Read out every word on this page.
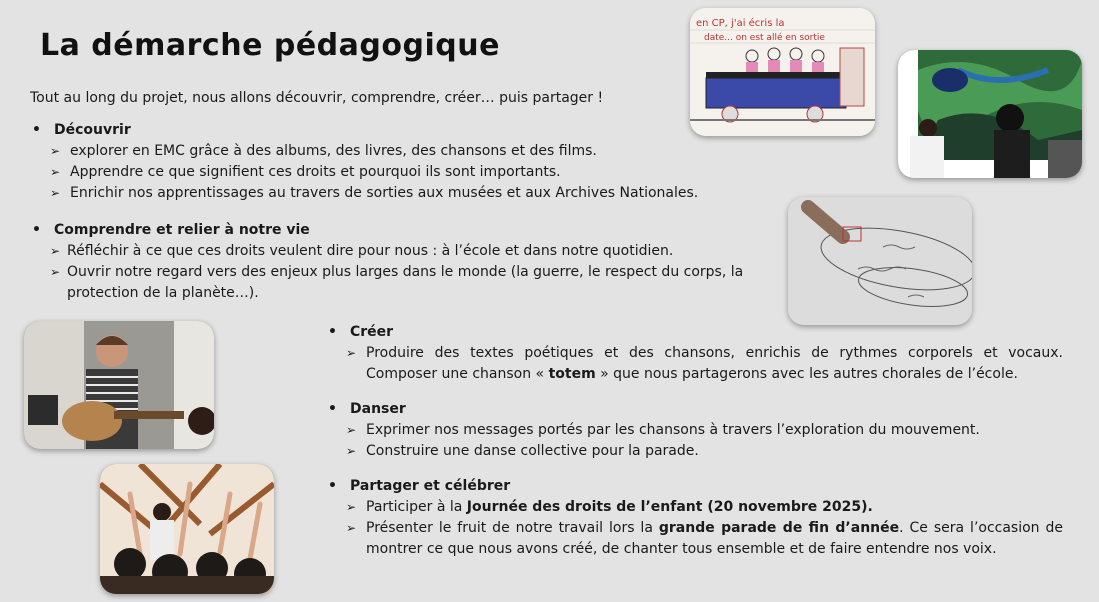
La démarche pédagogique
Tout au long du projet, nous allons découvrir, comprendre, créer… puis partager !
• Découvrir
➢ explorer en EMC grâce à des albums, des livres, des chansons et des films.
➢ Apprendre ce que signifient ces droits et pourquoi ils sont importants.
➢ Enrichir nos apprentissages au travers de sorties aux musées et aux Archives Nationales.
• Comprendre et relier à notre vie
➢ Réfléchir à ce que ces droits veulent dire pour nous : à l’école et dans notre quotidien.
➢ Ouvrir notre regard vers des enjeux plus larges dans le monde (la guerre, le respect du corps, la protection de la planète…).
• Créer
➢ Produire des textes poétiques et des chansons, enrichis de rythmes corporels et vocaux. Composer une chanson « totem » que nous partagerons avec les autres chorales de l’école.
• Danser
➢ Exprimer nos messages portés par les chansons à travers l’exploration du mouvement.
➢ Construire une danse collective pour la parade.
• Partager et célébrer
➢ Participer à la Journée des droits de l’enfant (20 novembre 2025).
➢ Présenter le fruit de notre travail lors la grande parade de fin d’année. Ce sera l’occasion de montrer ce que nous avons créé, de chanter tous ensemble et de faire entendre nos voix.
en CP, j'ai écris la
date... on est allé en sortie
